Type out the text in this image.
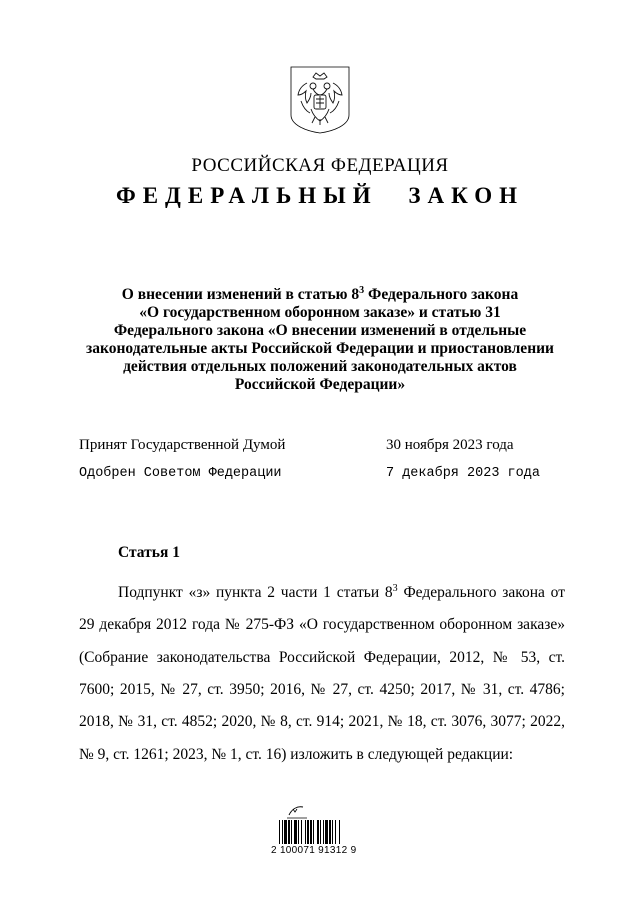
РОССИЙСКАЯ ФЕДЕРАЦИЯ
ФЕДЕРАЛЬНЫЙ ЗАКОН
О внесении изменений в статью $8^3$ Федерального закона
«О государственном оборонном заказе» и статью 31
Федерального закона «О внесении изменений в отдельные
законодательные акты Российской Федерации и приостановлении
действия отдельных положений законодательных актов
Российской Федерации»
Принят Государственной Думой	30 ноября 2023 года
Одобрен Советом Федерации	7 декабря 2023 года
Статья 1

Подпункт «з» пункта 2 части 1 статьи $8^3$ Федерального закона от 29 декабря 2012 года № 275-ФЗ «О государственном оборонном заказе» (Собрание законодательства Российской Федерации, 2012, № 53, ст. 7600; 2015, № 27, ст. 3950; 2016, № 27, ст. 4250; 2017, № 31, ст. 4786; 2018, № 31, ст. 4852; 2020, № 8, ст. 914; 2021, № 18, ст. 3076, 3077; 2022, № 9, ст. 1261; 2023, № 1, ст. 16) изложить в следующей редакции:

2 100071 91312 9
